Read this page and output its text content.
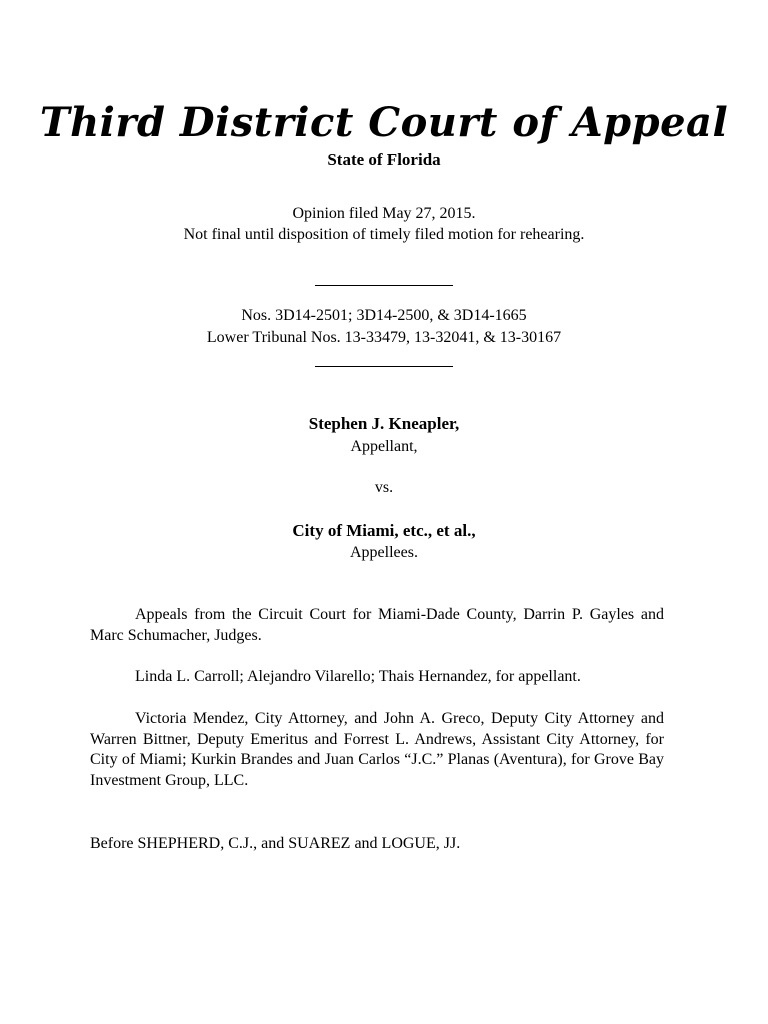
Third District Court of Appeal
State of Florida
Opinion filed May 27, 2015.
Not final until disposition of timely filed motion for rehearing.
Nos. 3D14-2501; 3D14-2500, & 3D14-1665
Lower Tribunal Nos. 13-33479, 13-32041, & 13-30167
Stephen J. Kneapler,
Appellant,
vs.
City of Miami, etc., et al.,
Appellees.
Appeals from the Circuit Court for Miami-Dade County, Darrin P. Gayles and Marc Schumacher, Judges.
Linda L. Carroll; Alejandro Vilarello; Thais Hernandez, for appellant.
Victoria Mendez, City Attorney, and John A. Greco, Deputy City Attorney and Warren Bittner, Deputy Emeritus and Forrest L. Andrews, Assistant City Attorney, for City of Miami; Kurkin Brandes and Juan Carlos “J.C.” Planas (Aventura), for Grove Bay Investment Group, LLC.
Before SHEPHERD, C.J., and SUAREZ and LOGUE, JJ.
